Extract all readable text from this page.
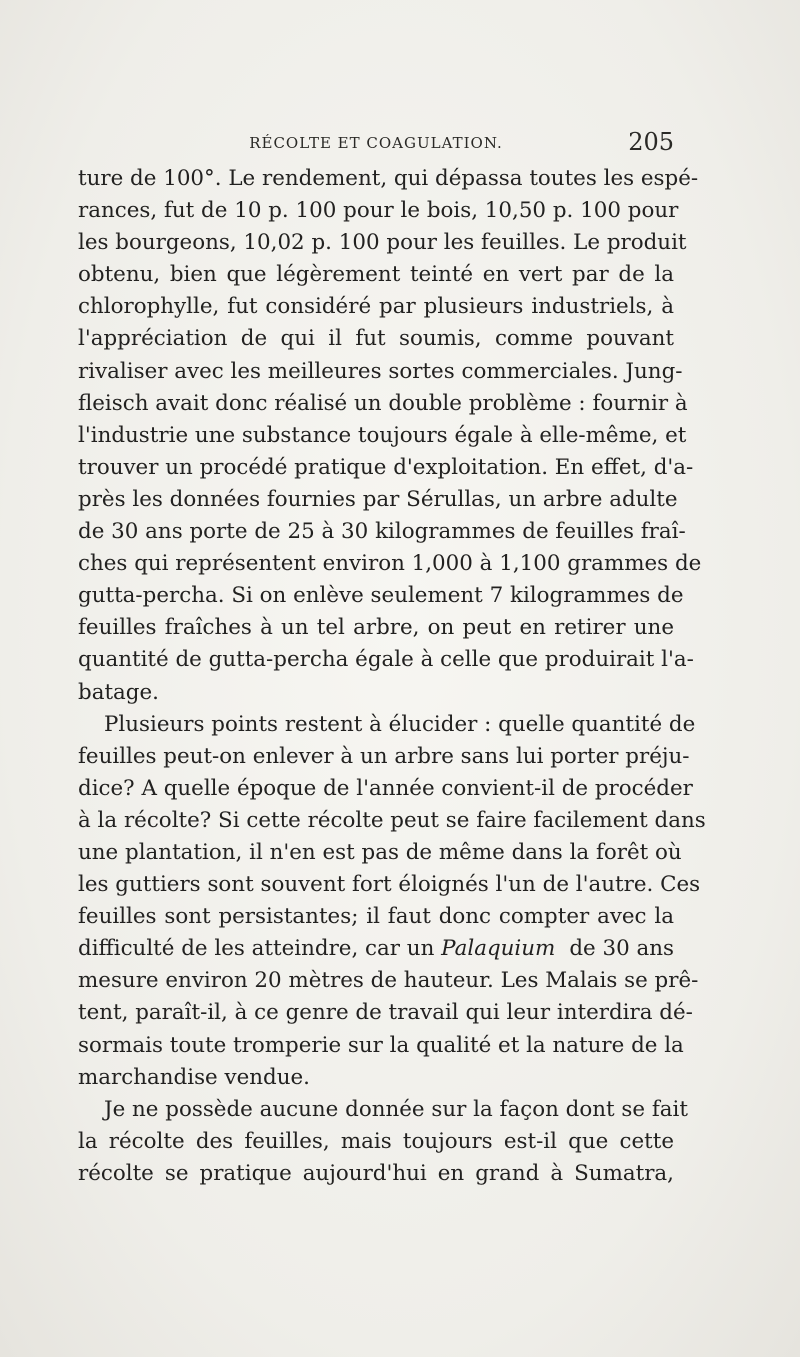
RÉCOLTE ET COAGULATION.	205

ture de 100°. Le rendement, qui dépassa toutes les espé-
rances, fut de 10 p. 100 pour le bois, 10,50 p. 100 pour
les bourgeons, 10,02 p. 100 pour les feuilles. Le produit
obtenu, bien que légèrement teinté en vert par de la
chlorophylle, fut considéré par plusieurs industriels, à
l'appréciation de qui il fut soumis, comme pouvant
rivaliser avec les meilleures sortes commerciales. Jung-
fleisch avait donc réalisé un double problème : fournir à
l'industrie une substance toujours égale à elle-même, et
trouver un procédé pratique d'exploitation. En effet, d'a-
près les données fournies par Sérullas, un arbre adulte
de 30 ans porte de 25 à 30 kilogrammes de feuilles fraî-
ches qui représentent environ 1,000 à 1,100 grammes de
gutta-percha. Si on enlève seulement 7 kilogrammes de
feuilles fraîches à un tel arbre, on peut en retirer une
quantité de gutta-percha égale à celle que produirait l'a-
batage.

Plusieurs points restent à élucider : quelle quantité de
feuilles peut-on enlever à un arbre sans lui porter préju-
dice? A quelle époque de l'année convient-il de procéder
à la récolte? Si cette récolte peut se faire facilement dans
une plantation, il n'en est pas de même dans la forêt où
les guttiers sont souvent fort éloignés l'un de l'autre. Ces
feuilles sont persistantes; il faut donc compter avec la
difficulté de les atteindre, car un Palaquium de 30 ans
mesure environ 20 mètres de hauteur. Les Malais se prê-
tent, paraît-il, à ce genre de travail qui leur interdira dé-
sormais toute tromperie sur la qualité et la nature de la
marchandise vendue.

Je ne possède aucune donnée sur la façon dont se fait
la récolte des feuilles, mais toujours est-il que cette
récolte se pratique aujourd'hui en grand à Sumatra,
